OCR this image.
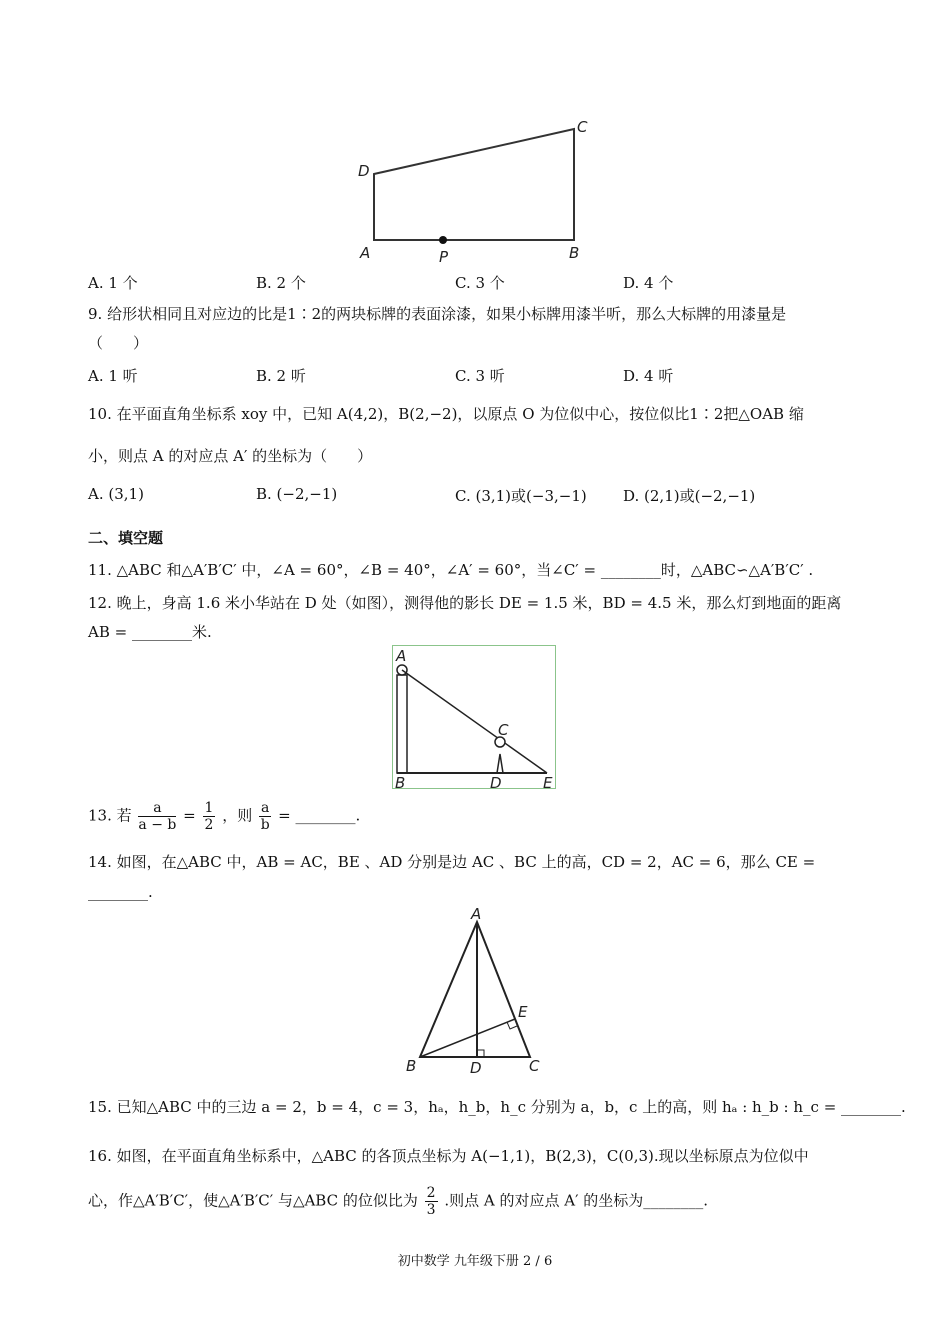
D
C
A	B
P
A. 1 个	B. 2 个	C. 3 个	D. 4 个
9. 给形状相同且对应边的比是1∶2的两块标牌的表面涂漆，如果小标牌用漆半听，那么大标牌的用漆量是
（　　）
A. 1 听	B. 2 听	C. 3 听	D. 4 听
10. 在平面直角坐标系 xoy 中，已知 A(4,2)，B(2,−2)，以原点 O 为位似中心，按位似比1∶2把△OAB 缩
小，则点 A 的对应点 A′ 的坐标为（　　）
A. (3,1)	B. (−2,−1)	C. (3,1)或(−3,−1) D. (2,1)或(−2,−1)
二、填空题
11. △ABC 和△A′B′C′ 中，∠A = 60°，∠B = 40°，∠A′ = 60°，当∠C′ = ________时，△ABC∽△A′B′C′ .
12. 晚上，身高 1.6 米小华站在 D 处（如图），测得他的影长 DE = 1.5 米，BD = 4.5 米，那么灯到地面的距离
AB = ________米.
A
B
C
D	E
13. 若 $\frac{a}{a - b} = \frac{1}{2}$ ，则 $\frac{a}{b}$ = ________.
14. 如图，在△ABC 中，AB = AC，BE 、AD 分别是边 AC 、BC 上的高，CD = 2，AC = 6，那么 CE =
________.
A
B	C
D
E
15. 已知△ABC 中的三边 a = 2，b = 4，c = 3，hₐ，h_b，h_c 分别为 a，b，c 上的高，则 hₐ : h_b : h_c = ________.
16. 如图，在平面直角坐标系中，△ABC 的各顶点坐标为 A(−1,1)，B(2,3)，C(0,3).现以坐标原点为位似中
心，作△A′B′C′，使△A′B′C′ 与△ABC 的位似比为 $\frac{2}{3}$ .则点 A 的对应点 A′ 的坐标为________.
初中数学 九年级下册 2 / 6
